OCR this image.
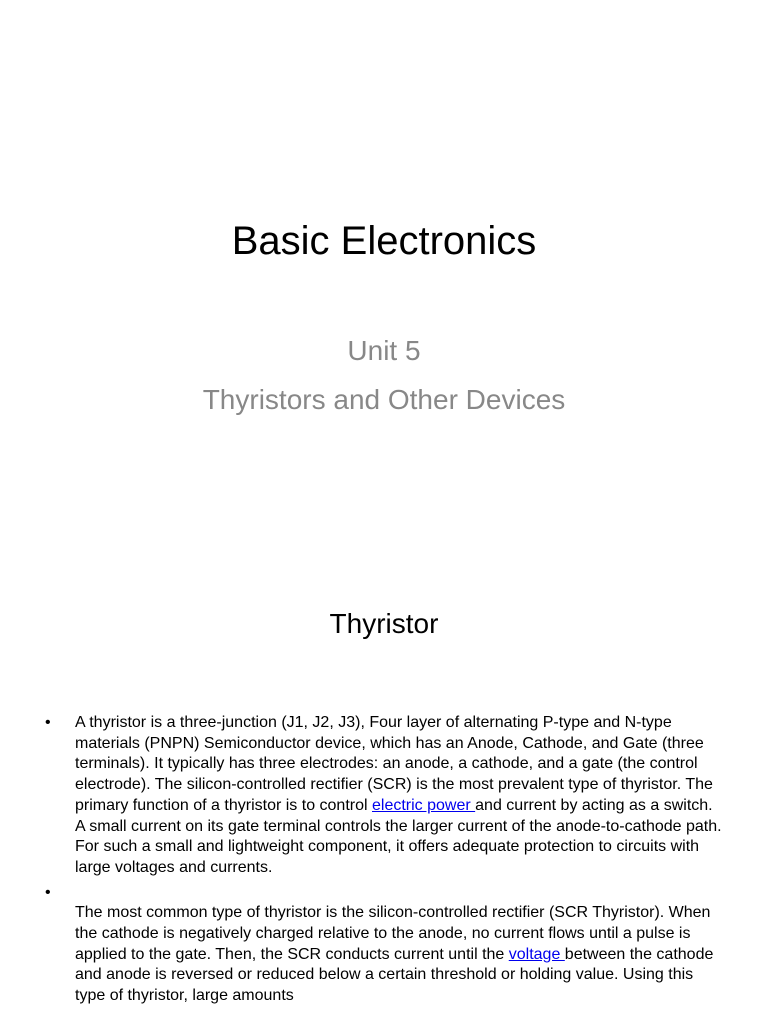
Basic Electronics
Unit 5
Thyristors and Other Devices
Thyristor
• A thyristor is a three-junction (J1, J2, J3), Four layer of alternating P-type and N-type materials (PNPN) Semiconductor device, which has an Anode, Cathode, and Gate (three terminals). It typically has three electrodes: an anode, a cathode, and a gate (the control electrode). The silicon-controlled rectifier (SCR) is the most prevalent type of thyristor. The primary function of a thyristor is to control electric power and current by acting as a switch. A small current on its gate terminal controls the larger current of the anode-to-cathode path. For such a small and lightweight component, it offers adequate protection to circuits with large voltages and currents.
•
The most common type of thyristor is the silicon-controlled rectifier (SCR Thyristor). When the cathode is negatively charged relative to the anode, no current flows until a pulse is applied to the gate. Then, the SCR conducts current until the voltage between the cathode and anode is reversed or reduced below a certain threshold or holding value. Using this type of thyristor, large amounts
